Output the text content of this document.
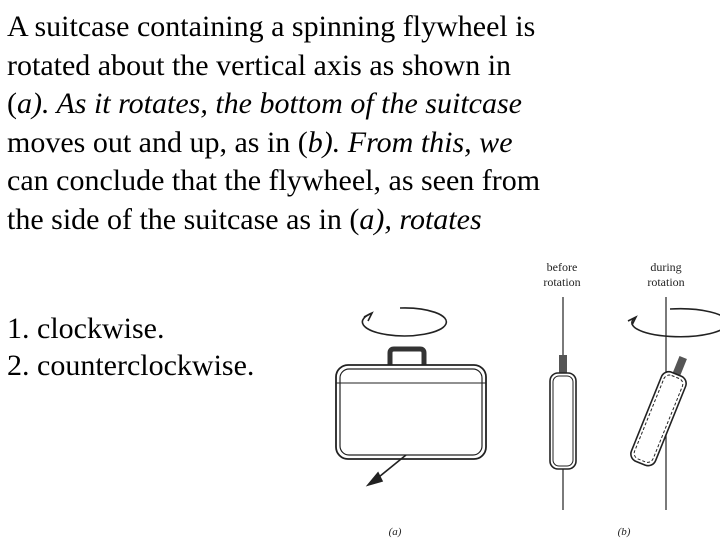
A suitcase containing a spinning flywheel is
rotated about the vertical axis as shown in
(a). As it rotates, the bottom of the suitcase
moves out and up, as in (b). From this, we
can conclude that the flywheel, as seen from
the side of the suitcase as in (a), rotates
1. clockwise.
2. counterclockwise.
before
rotation
during
rotation
(a)	(b)
